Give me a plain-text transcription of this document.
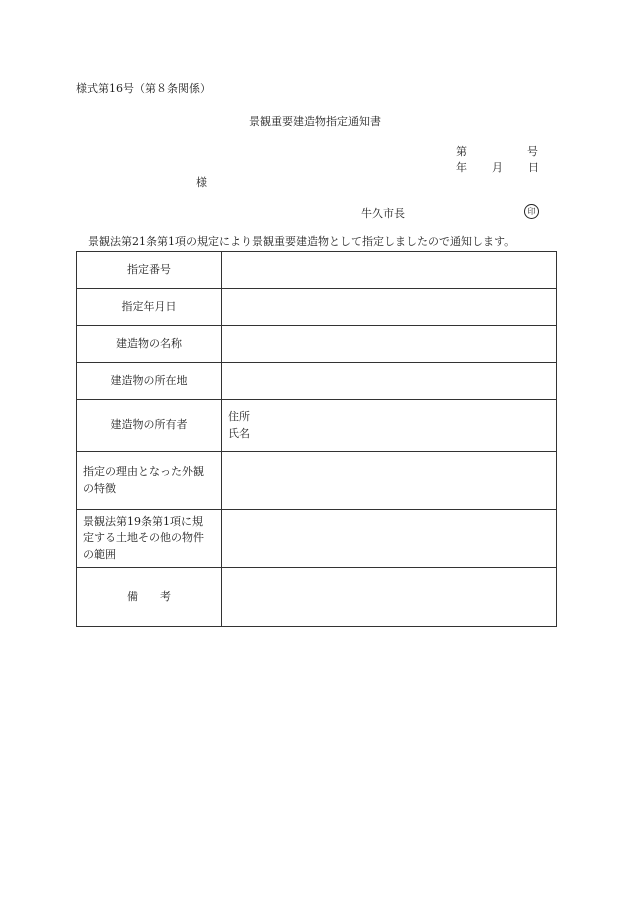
様式第16号（第８条関係）
景観重要建造物指定通知書
第	号
年 月 日
様
牛久市長	印
景観法第21条第1項の規定により景観重要建造物として指定しましたので通知します。
指定番号	
指定年月日	
建造物の名称	
建造物の所在地	
建造物の所有者	住所
氏名

指定の理由となった外観
の特徴	

景観法第19条第1項に規
定する土地その他の物件
の範囲	

備　　考	
